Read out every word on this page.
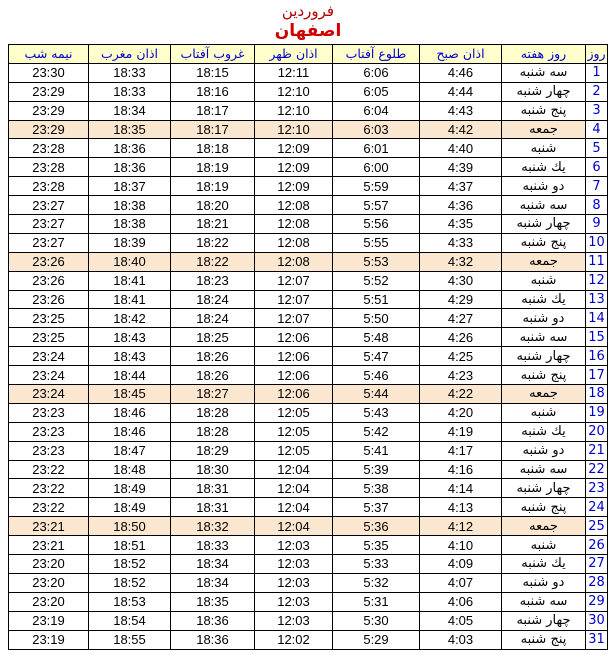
فروردین
اصفهان
روز	روز هفته	اذان صبح	طلوع آفتاب	اذان ظهر	غروب آفتاب	اذان مغرب	نیمه شب
1	سه شنبه	4:46	6:06	12:11	18:15	18:33	23:30
2	چهار شنبه	4:44	6:05	12:10	18:16	18:33	23:29
3	پنج شنبه	4:43	6:04	12:10	18:17	18:34	23:29
4	جمعه	4:42	6:03	12:10	18:17	18:35	23:29
5	شنبه	4:40	6:01	12:09	18:18	18:36	23:28
6	يك شنبه	4:39	6:00	12:09	18:19	18:36	23:28
7	دو شنبه	4:37	5:59	12:09	18:19	18:37	23:28
8	سه شنبه	4:36	5:57	12:08	18:20	18:38	23:27
9	چهار شنبه	4:35	5:56	12:08	18:21	18:38	23:27
10	پنج شنبه	4:33	5:55	12:08	18:22	18:39	23:27
11	جمعه	4:32	5:53	12:08	18:22	18:40	23:26
12	شنبه	4:30	5:52	12:07	18:23	18:41	23:26
13	يك شنبه	4:29	5:51	12:07	18:24	18:41	23:26
14	دو شنبه	4:27	5:50	12:07	18:24	18:42	23:25
15	سه شنبه	4:26	5:48	12:06	18:25	18:43	23:25
16	چهار شنبه	4:25	5:47	12:06	18:26	18:43	23:24
17	پنج شنبه	4:23	5:46	12:06	18:26	18:44	23:24
18	جمعه	4:22	5:44	12:06	18:27	18:45	23:24
19	شنبه	4:20	5:43	12:05	18:28	18:46	23:23
20	يك شنبه	4:19	5:42	12:05	18:28	18:46	23:23
21	دو شنبه	4:17	5:41	12:05	18:29	18:47	23:23
22	سه شنبه	4:16	5:39	12:04	18:30	18:48	23:22
23	چهار شنبه	4:14	5:38	12:04	18:31	18:49	23:22
24	پنج شنبه	4:13	5:37	12:04	18:31	18:49	23:22
25	جمعه	4:12	5:36	12:04	18:32	18:50	23:21
26	شنبه	4:10	5:35	12:03	18:33	18:51	23:21
27	يك شنبه	4:09	5:33	12:03	18:34	18:52	23:20
28	دو شنبه	4:07	5:32	12:03	18:34	18:52	23:20
29	سه شنبه	4:06	5:31	12:03	18:35	18:53	23:20
30	چهار شنبه	4:05	5:30	12:03	18:36	18:54	23:19
31	پنج شنبه	4:03	5:29	12:02	18:36	18:55	23:19
